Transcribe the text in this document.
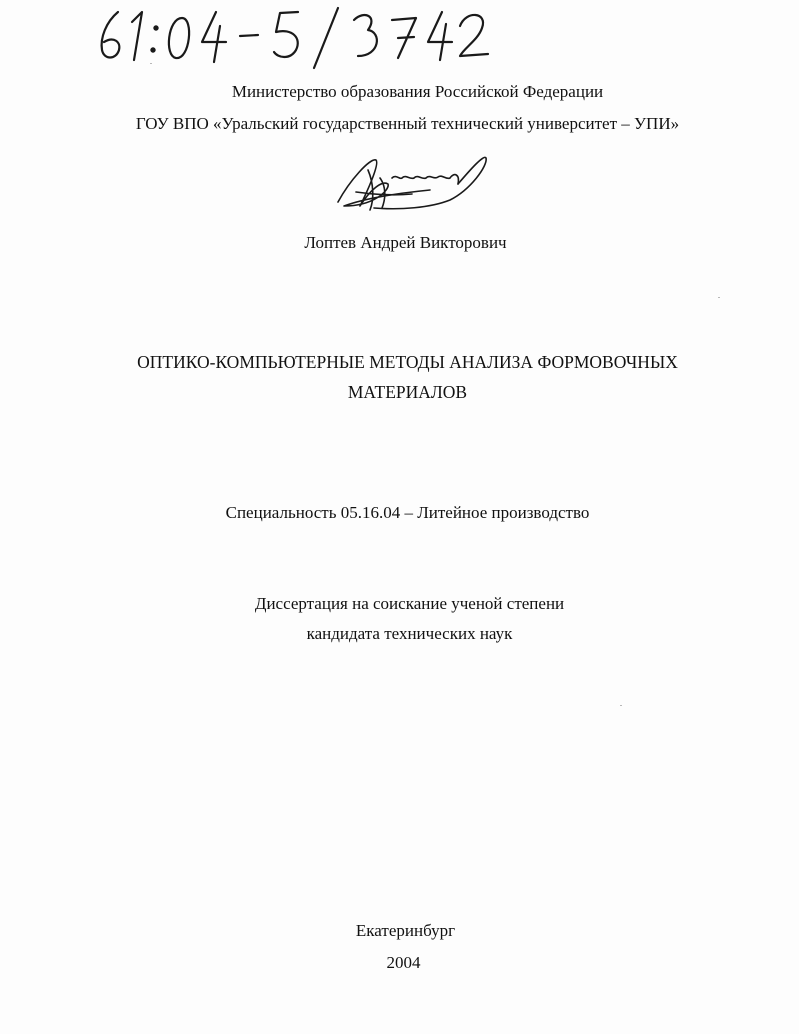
Министерство образования Российской Федерации
ГОУ ВПО «Уральский государственный технический университет – УПИ»
Лоптев Андрей Викторович
ОПТИКО-КОМПЬЮТЕРНЫЕ МЕТОДЫ АНАЛИЗА ФОРМОВОЧНЫХ
МАТЕРИАЛОВ
Специальность 05.16.04 – Литейное производство
Диссертация на соискание ученой степени
кандидата технических наук
Екатеринбург
2004
